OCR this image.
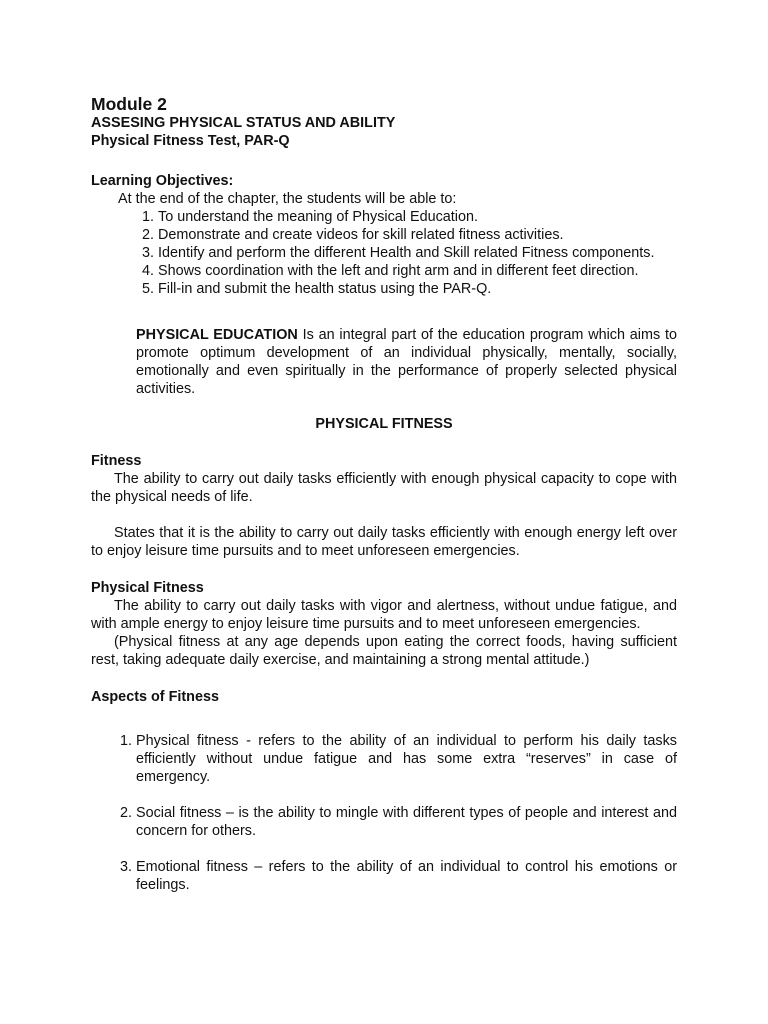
Module 2
ASSESING PHYSICAL STATUS AND ABILITY
Physical Fitness Test, PAR-Q
Learning Objectives:
At the end of the chapter, the students will be able to:
1. To understand the meaning of Physical Education.
2. Demonstrate and create videos for skill related fitness activities.
3. Identify and perform the different Health and Skill related Fitness components.
4. Shows coordination with the left and right arm and in different feet direction.
5. Fill-in and submit the health status using the PAR-Q.

PHYSICAL EDUCATION Is an integral part of the education program which aims to promote optimum development of an individual physically, mentally, socially, emotionally and even spiritually in the performance of properly selected physical activities.

PHYSICAL FITNESS
Fitness
The ability to carry out daily tasks efficiently with enough physical capacity to cope with the physical needs of life.
States that it is the ability to carry out daily tasks efficiently with enough energy left over to enjoy leisure time pursuits and to meet unforeseen emergencies.
Physical Fitness
The ability to carry out daily tasks with vigor and alertness, without undue fatigue, and with ample energy to enjoy leisure time pursuits and to meet unforeseen emergencies.
(Physical fitness at any age depends upon eating the correct foods, having sufficient rest, taking adequate daily exercise, and maintaining a strong mental attitude.)
Aspects of Fitness
1. Physical fitness - refers to the ability of an individual to perform his daily tasks efficiently without undue fatigue and has some extra “reserves” in case of emergency.
2. Social fitness – is the ability to mingle with different types of people and interest and concern for others.
3. Emotional fitness – refers to the ability of an individual to control his emotions or feelings.
